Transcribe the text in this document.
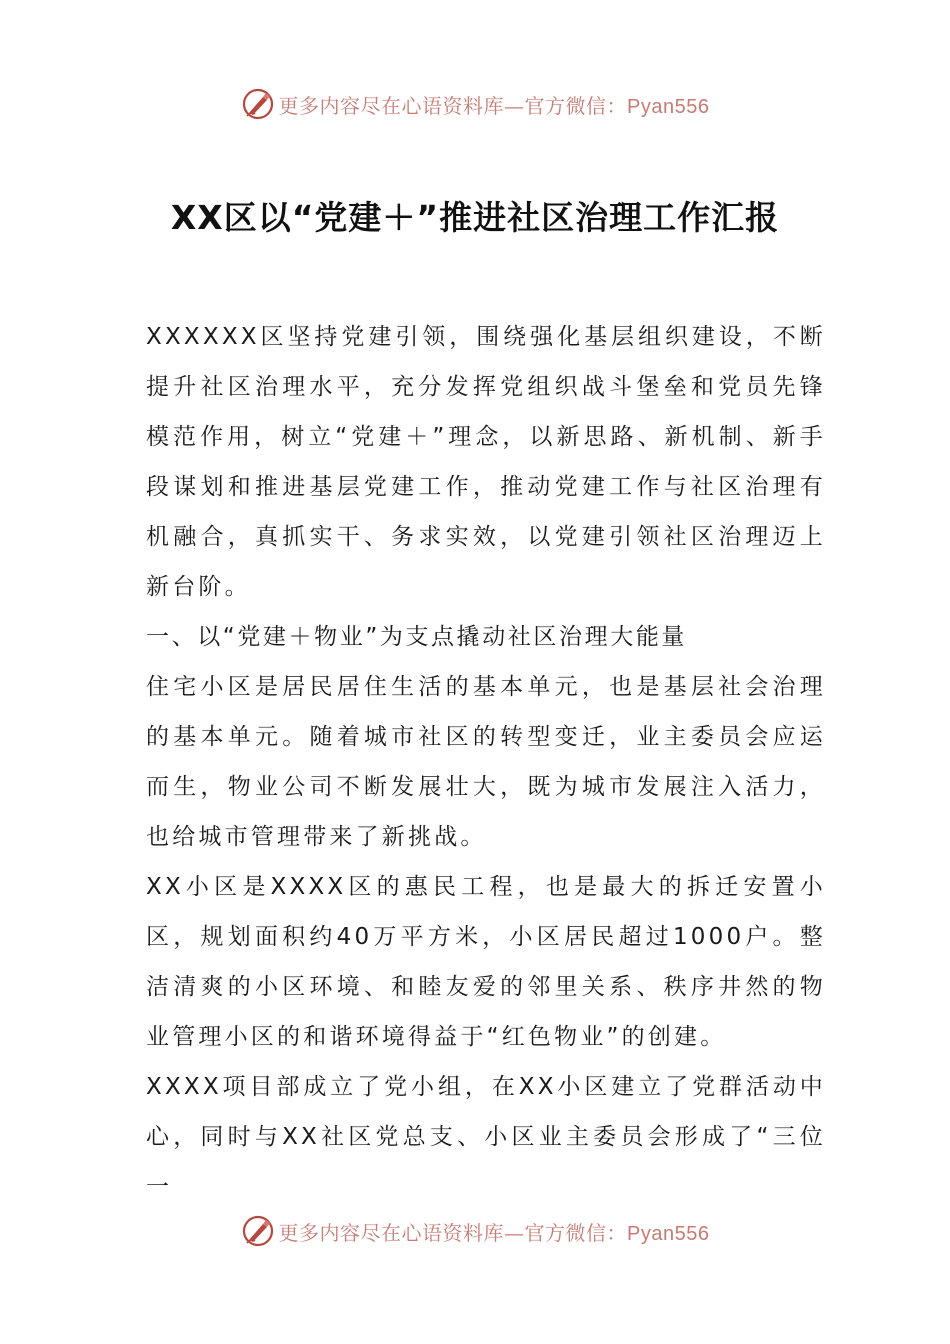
更多内容尽在心语资料库—官方微信：Pyan556
XX区以“党建＋”推进社区治理工作汇报

XXXXXX区坚持党建引领，围绕强化基层组织建设，不断提升社区治理水平，充分发挥党组织战斗堡垒和党员先锋模范作用，树立“党建＋”理念，以新思路、新机制、新手段谋划和推进基层党建工作，推动党建工作与社区治理有机融合，真抓实干、务求实效，以党建引领社区治理迈上新台阶。

一、以“党建＋物业”为支点撬动社区治理大能量

住宅小区是居民居住生活的基本单元，也是基层社会治理的基本单元。随着城市社区的转型变迁，业主委员会应运而生，物业公司不断发展壮大，既为城市发展注入活力，也给城市管理带来了新挑战。

XX小区是XXXX区的惠民工程，也是最大的拆迁安置小区，规划面积约40万平方米，小区居民超过1000户。整洁清爽的小区环境、和睦友爱的邻里关系、秩序井然的物业管理小区的和谐环境得益于“红色物业”的创建。

XXXX项目部成立了党小组，在XX小区建立了党群活动中心，同时与XX社区党总支、小区业主委员会形成了“三位一

更多内容尽在心语资料库—官方微信：Pyan556
